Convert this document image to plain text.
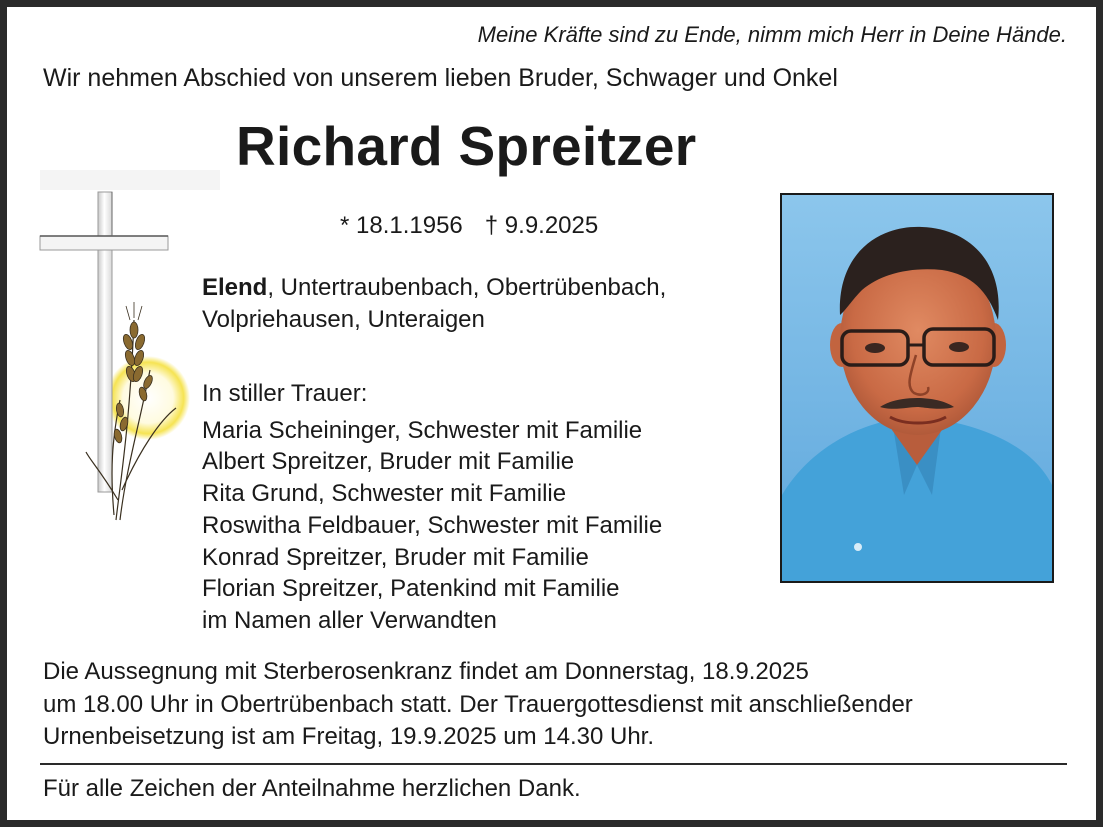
Meine Kräfte sind zu Ende, nimm mich Herr in Deine Hände.
Wir nehmen Abschied von unserem lieben Bruder, Schwager und Onkel
Richard Spreitzer
* 18.1.1956 † 9.9.2025
Elend, Untertraubenbach, Obertrübenbach,
Volpriehausen, Unteraigen
In stiller Trauer:
Maria Scheininger, Schwester mit Familie
Albert Spreitzer, Bruder mit Familie
Rita Grund, Schwester mit Familie
Roswitha Feldbauer, Schwester mit Familie
Konrad Spreitzer, Bruder mit Familie
Florian Spreitzer, Patenkind mit Familie
im Namen aller Verwandten
Die Aussegnung mit Sterberosenkranz findet am Donnerstag, 18.9.2025
um 18.00 Uhr in Obertrübenbach statt. Der Trauergottesdienst mit anschließender
Urnenbeisetzung ist am Freitag, 19.9.2025 um 14.30 Uhr.
Für alle Zeichen der Anteilnahme herzlichen Dank.
